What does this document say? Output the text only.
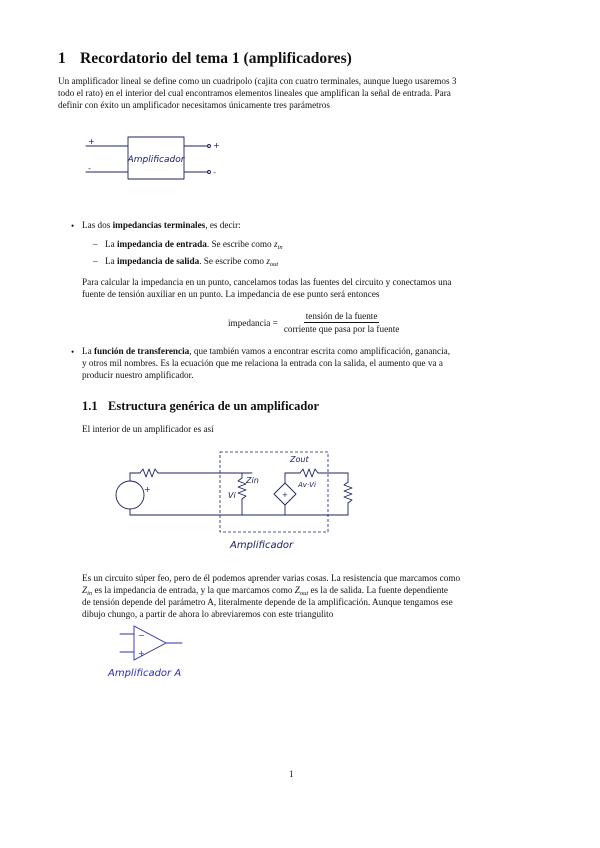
1 Recordatorio del tema 1 (amplificadores)
Un amplificador lineal se define como un cuadripolo (cajita con cuatro terminales, aunque luego usaremos 3
todo el rato) en el interior del cual encontramos elementos lineales que amplifican la señal de entrada. Para
definir con éxito un amplificador necesitamos únicamente tres parámetros
Amplificador
+
-
+
-
• Las dos impedancias terminales, es decir:
– La impedancia de entrada. Se escribe como $z_{in}$
– La impedancia de salida. Se escribe como $z_{out}$
Para calcular la impedancia en un punto, cancelamos todas las fuentes del circuito y conectamos una
fuente de tensión auxiliar en un punto. La impedancia de ese punto será entonces
impedancia =
tensión de la fuente
corriente que pasa por la fuente
• La función de transferencia, que también vamos a encontrar escrita como amplificación, ganancia,
y otros mil nombres. Es la ecuación que me relaciona la entrada con la salida, el aumento que va a
producir nuestro amplificador.
1.1 Estructura genérica de un amplificador
El interior de un amplificador es así
+
Zin
Vi	+
Av·Vi
Zout
Amplificador
Es un circuito súper feo, pero de él podemos aprender varias cosas. La resistencia que marcamos como
$Z_{in}$ es la impedancia de entrada, y la que marcamos como $Z_{out}$ es la de salida. La fuente dependiente
de tensión depende del parámetro A, literalmente depende de la amplificación. Aunque tengamos ese
dibujo chungo, a partir de ahora lo abreviaremos con este triangulito
−
+
Amplificador A
1
